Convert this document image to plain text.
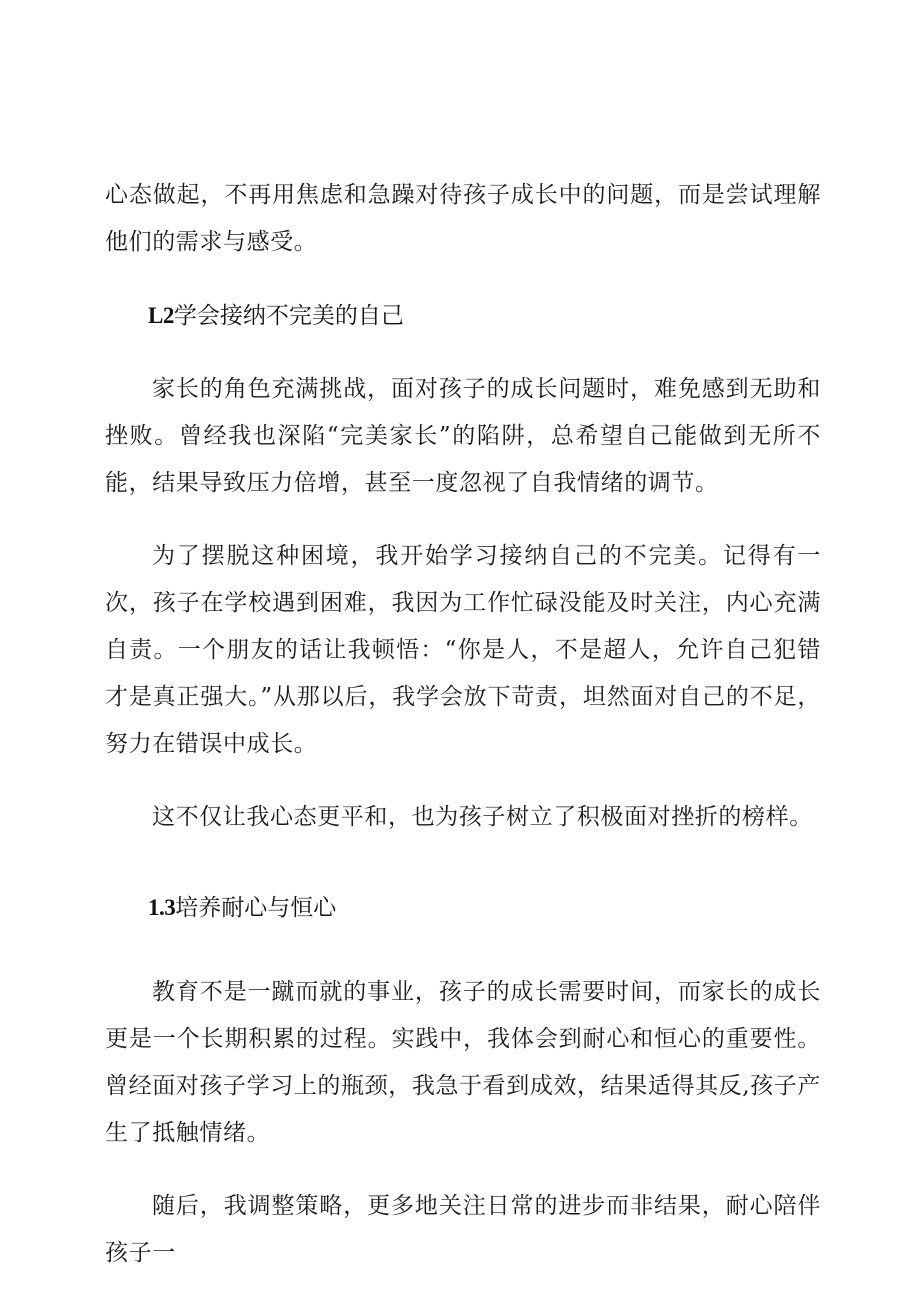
心态做起，不再用焦虑和急躁对待孩子成长中的问题，而是尝试理解他们的需求与感受。

L2学会接纳不完美的自己

家长的角色充满挑战，面对孩子的成长问题时，难免感到无助和挫败。曾经我也深陷“完美家长”的陷阱，总希望自己能做到无所不能，结果导致压力倍增，甚至一度忽视了自我情绪的调节。

为了摆脱这种困境，我开始学习接纳自己的不完美。记得有一次，孩子在学校遇到困难，我因为工作忙碌没能及时关注，内心充满自责。一个朋友的话让我顿悟：“你是人，不是超人，允许自己犯错才是真正强大。”从那以后，我学会放下苛责，坦然面对自己的不足，努力在错误中成长。

这不仅让我心态更平和，也为孩子树立了积极面对挫折的榜样。

1.3培养耐心与恒心

教育不是一蹴而就的事业，孩子的成长需要时间，而家长的成长更是一个长期积累的过程。实践中，我体会到耐心和恒心的重要性。曾经面对孩子学习上的瓶颈，我急于看到成效，结果适得其反,孩子产生了抵触情绪。

随后，我调整策略，更多地关注日常的进步而非结果，耐心陪伴孩子一
